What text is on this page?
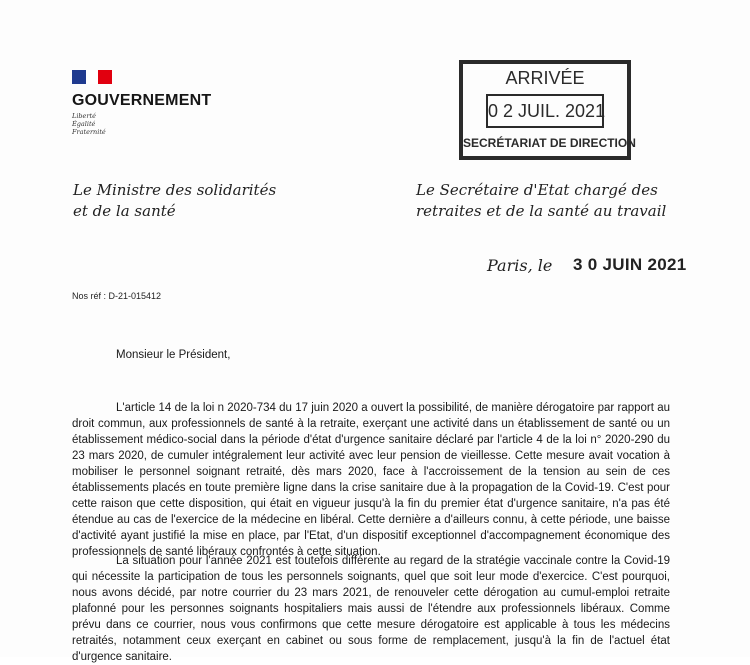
GOUVERNEMENT
Liberté
Égalité
Fraternité
ARRIVÉE
0 2 JUIL. 2021
SECRÉTARIAT DE DIRECTION
Le Ministre des solidarités
et de la santé
Le Secrétaire d'Etat chargé des
retraites et de la santé au travail
Paris, le 3 0 JUIN 2021
Nos réf : D-21-015412
Monsieur le Président,
L'article 14 de la loi n 2020-734 du 17 juin 2020 a ouvert la possibilité, de manière dérogatoire par rapport au droit commun, aux professionnels de santé à la retraite, exerçant une activité dans un établissement de santé ou un établissement médico-social dans la période d'état d'urgence sanitaire déclaré par l'article 4 de la loi n° 2020-290 du 23 mars 2020, de cumuler intégralement leur activité avec leur pension de vieillesse. Cette mesure avait vocation à mobiliser le personnel soignant retraité, dès mars 2020, face à l'accroissement de la tension au sein de ces établissements placés en toute première ligne dans la crise sanitaire due à la propagation de la Covid-19. C'est pour cette raison que cette disposition, qui était en vigueur jusqu'à la fin du premier état d'urgence sanitaire, n'a pas été étendue au cas de l'exercice de la médecine en libéral. Cette dernière a d'ailleurs connu, à cette période, une baisse d'activité ayant justifié la mise en place, par l'Etat, d'un dispositif exceptionnel d'accompagnement économique des professionnels de santé libéraux confrontés à cette situation.
La situation pour l'année 2021 est toutefois différente au regard de la stratégie vaccinale contre la Covid-19 qui nécessite la participation de tous les personnels soignants, quel que soit leur mode d'exercice. C'est pourquoi, nous avons décidé, par notre courrier du 23 mars 2021, de renouveler cette dérogation au cumul-emploi retraite plafonné pour les personnes soignants hospitaliers mais aussi de l'étendre aux professionnels libéraux. Comme prévu dans ce courrier, nous vous confirmons que cette mesure dérogatoire est applicable à tous les médecins retraités, notamment ceux exerçant en cabinet ou sous forme de remplacement, jusqu'à la fin de l'actuel état d'urgence sanitaire.
